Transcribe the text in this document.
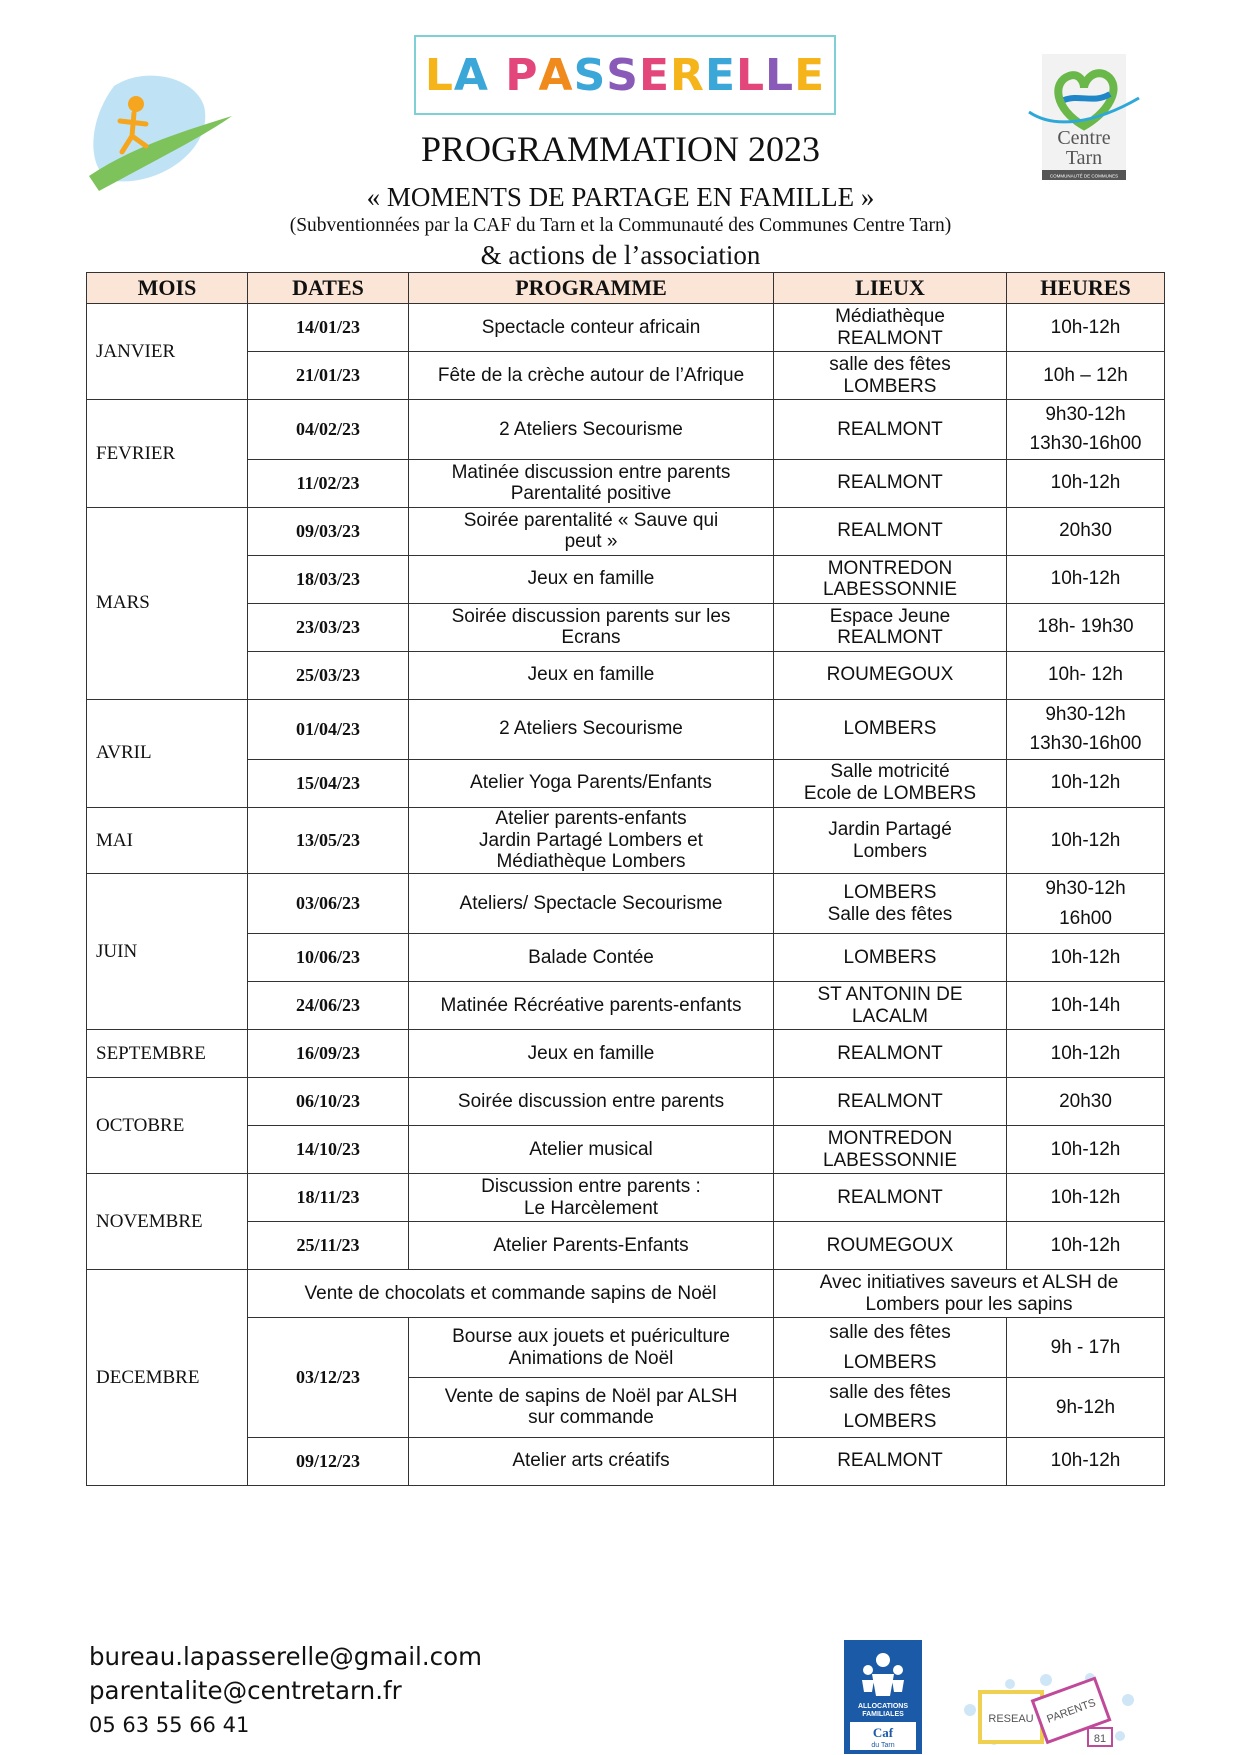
LA PASSERELLE
PROGRAMMATION 2023
« MOMENTS DE PARTAGE EN FAMILLE »
(Subventionnées par la CAF du Tarn et la Communauté des Communes Centre Tarn)
& actions de l’association
Centre
Tarn
COMMUNAUTÉ DE COMMUNES
MOIS	DATES	PROGRAMME	LIEUX	HEURES
JANVIER	14/01/23	Spectacle conteur africain	Médiathèque
REALMONT	10h-12h
	21/01/23	Fête de la crèche autour de l’Afrique	salle des fêtes
LOMBERS	10h – 12h
FEVRIER	04/02/23	2 Ateliers Secourisme	REALMONT	9h30-12h
13h30-16h00
	11/02/23	Matinée discussion entre parents
Parentalité positive	REALMONT	10h-12h
MARS	09/03/23	Soirée parentalité « Sauve qui
peut »	REALMONT	20h30
	18/03/23	Jeux en famille	MONTREDON
LABESSONNIE	10h-12h
	23/03/23	Soirée discussion parents sur les
Ecrans	Espace Jeune
REALMONT	18h- 19h30
	25/03/23	Jeux en famille	ROUMEGOUX	10h- 12h
AVRIL	01/04/23	2 Ateliers Secourisme	LOMBERS	9h30-12h
13h30-16h00
	15/04/23	Atelier Yoga Parents/Enfants	Salle motricité
Ecole de LOMBERS	10h-12h
MAI	13/05/23	Atelier parents-enfants
Jardin Partagé Lombers et
Médiathèque Lombers	Jardin Partagé
Lombers	10h-12h
JUIN	03/06/23	Ateliers/ Spectacle Secourisme	LOMBERS
Salle des fêtes	9h30-12h
16h00
	10/06/23	Balade Contée	LOMBERS	10h-12h
	24/06/23	Matinée Récréative parents-enfants	ST ANTONIN DE
LACALM	10h-14h
SEPTEMBRE	16/09/23	Jeux en famille	REALMONT	10h-12h
OCTOBRE	06/10/23	Soirée discussion entre parents	REALMONT	20h30
	14/10/23	Atelier musical	MONTREDON
LABESSONNIE	10h-12h
NOVEMBRE	18/11/23	Discussion entre parents :
Le Harcèlement	REALMONT	10h-12h
	25/11/23	Atelier Parents-Enfants	ROUMEGOUX	10h-12h
DECEMBRE	Vente de chocolats et commande sapins de Noël		Avec initiatives saveurs et ALSH de
Lombers pour les sapins	
	03/12/23	Bourse aux jouets et puériculture
Animations de Noël	salle des fêtes
LOMBERS	9h - 17h
		Vente de sapins de Noël par ALSH
sur commande	salle des fêtes
LOMBERS	9h-12h
	09/12/23	Atelier arts créatifs	REALMONT	10h-12h
bureau.lapasserelle@gmail.com
parentalite@centretarn.fr
05 63 55 66 41
ALLOCATIONS
FAMILIALES
Caf
du Tarn
RESEAU PARENTS
81
